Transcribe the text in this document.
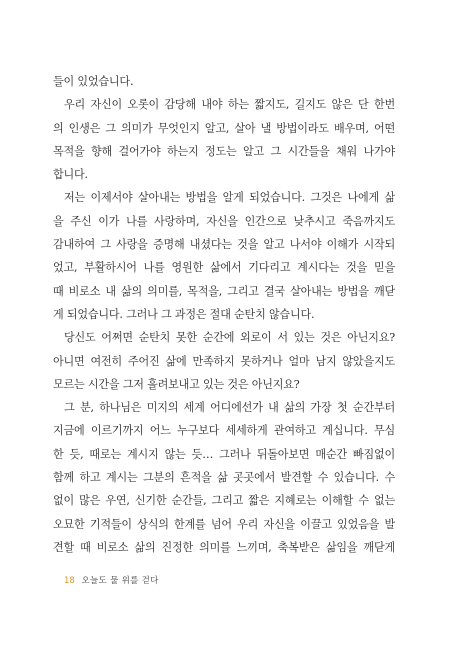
들이 있었습니다.
우리 자신이 오롯이 감당해 내야 하는 짧지도, 길지도 않은 단 한번
의 인생은 그 의미가 무엇인지 알고, 살아 낼 방법이라도 배우며, 어떤
목적을 향해 걸어가야 하는지 정도는 알고 그 시간들을 채워 나가야
합니다.
저는 이제서야 살아내는 방법을 알게 되었습니다. 그것은 나에게 삶
을 주신 이가 나를 사랑하며, 자신을 인간으로 낮추시고 죽음까지도
감내하여 그 사랑을 증명해 내셨다는 것을 알고 나서야 이해가 시작되
었고, 부활하시어 나를 영원한 삶에서 기다리고 계시다는 것을 믿을
때 비로소 내 삶의 의미를, 목적을, 그리고 결국 살아내는 방법을 깨닫
게 되었습니다. 그러나 그 과정은 절대 순탄치 않습니다.
당신도 어쩌면 순탄치 못한 순간에 외로이 서 있는 것은 아닌지요?
아니면 여전히 주어진 삶에 만족하지 못하거나 얼마 남지 않았을지도
모르는 시간을 그저 흘려보내고 있는 것은 아닌지요?
그 분, 하나님은 미지의 세계 어디에선가 내 삶의 가장 첫 순간부터
지금에 이르기까지 어느 누구보다 세세하게 관여하고 계십니다. 무심
한 듯, 때로는 계시지 않는 듯… 그러나 뒤돌아보면 매순간 빠짐없이
함께 하고 계시는 그분의 흔적을 삶 곳곳에서 발견할 수 있습니다. 수
없이 많은 우연, 신기한 순간들, 그리고 짧은 지혜로는 이해할 수 없는
오묘한 기적들이 상식의 한계를 넘어 우리 자신을 이끌고 있었음을 발
견할 때 비로소 삶의 진정한 의미를 느끼며, 축복받은 삶임을 깨닫게
18 오늘도 물 위를 걷다
